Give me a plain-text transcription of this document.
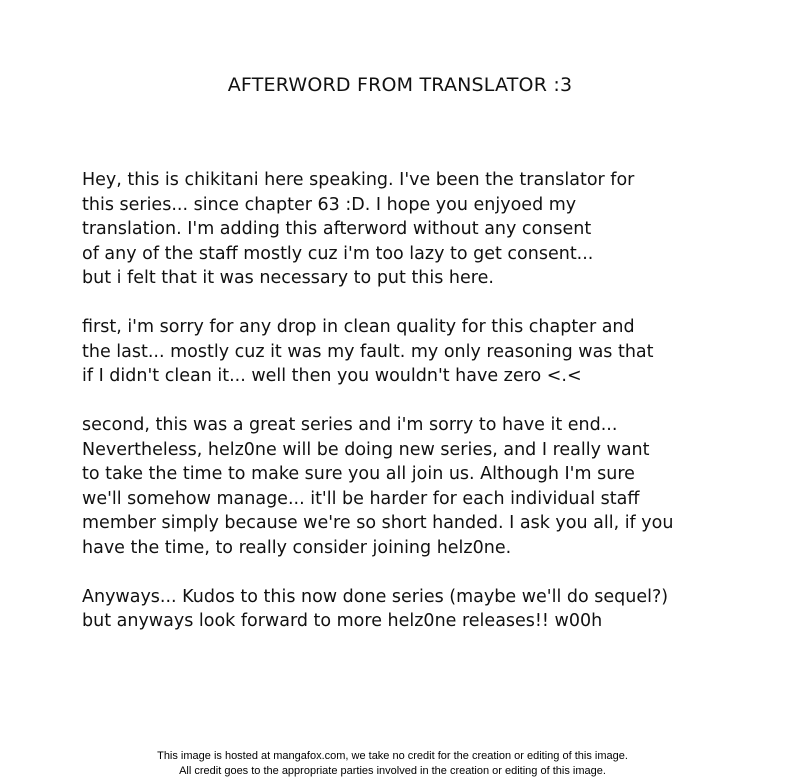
AFTERWORD FROM TRANSLATOR :3

Hey, this is chikitani here speaking. I've been the translator for
this series... since chapter 63 :D. I hope you enjyoed my
translation. I'm adding this afterword without any consent
of any of the staff mostly cuz i'm too lazy to get consent...
but i felt that it was necessary to put this here.

first, i'm sorry for any drop in clean quality for this chapter and
the last... mostly cuz it was my fault. my only reasoning was that
if I didn't clean it... well then you wouldn't have zero <.<

second, this was a great series and i'm sorry to have it end...
Nevertheless, helz0ne will be doing new series, and I really want
to take the time to make sure you all join us. Although I'm sure
we'll somehow manage... it'll be harder for each individual staff
member simply because we're so short handed. I ask you all, if you
have the time, to really consider joining helz0ne.

Anyways... Kudos to this now done series (maybe we'll do sequel?)
but anyways look forward to more helz0ne releases!! w00h

This image is hosted at mangafox.com, we take no credit for the creation or editing of this image.
All credit goes to the appropriate parties involved in the creation or editing of this image.
